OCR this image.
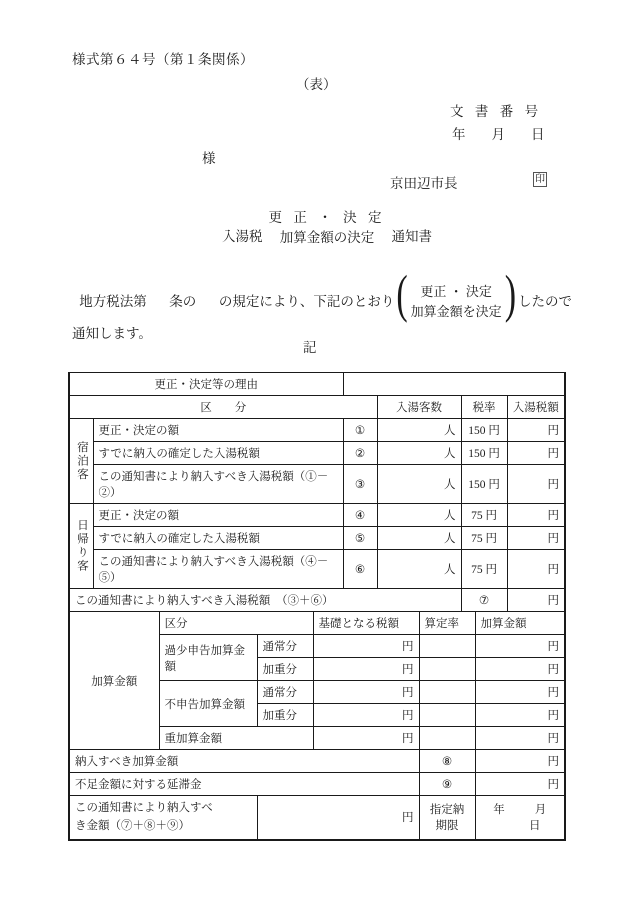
様式第６４号（第１条関係）
（表）
文 書 番 号
年 月 日
様
京田辺市長	印
入湯税
更 正 ・ 決 定
加算金額の決定 通知書
地方税法第 条の の規定により、下記のとおり ( 更正 ・ 決定
加算金額を決定 ) したので
通知します。
記
更正・決定等の理由					
区　　分			入湯客数	税率	入湯税額

宿泊客	更正・決定の額	①	人	150 円	円
	すでに納入の確定した入湯税額	②	人	150 円	円
	この通知書により納入すべき入湯税額（①－②）	③	人	150 円	円

日帰り客	更正・決定の額	④	人	75 円	円
	すでに納入の確定した入湯税額	⑤	人	75 円	円
	この通知書により納入すべき入湯税額（④－⑤）	⑥	人	75 円	円
この通知書により納入すべき入湯税額　（③＋⑥）				⑦	円
加算金額	区分		基礎となる税額	算定率	加算金額
	過少申告加算金額	通常分	円		円
		加重分	円		円
	不申告加算金額	通常分	円		円
		加重分	円		円
	重加算金額		円		円
納入すべき加算金額				⑧	円
不足金額に対する延滞金				⑨	円
この通知書により納入すべ
き金額（⑦＋⑧＋⑨）		円		指定納期限	年 月日
